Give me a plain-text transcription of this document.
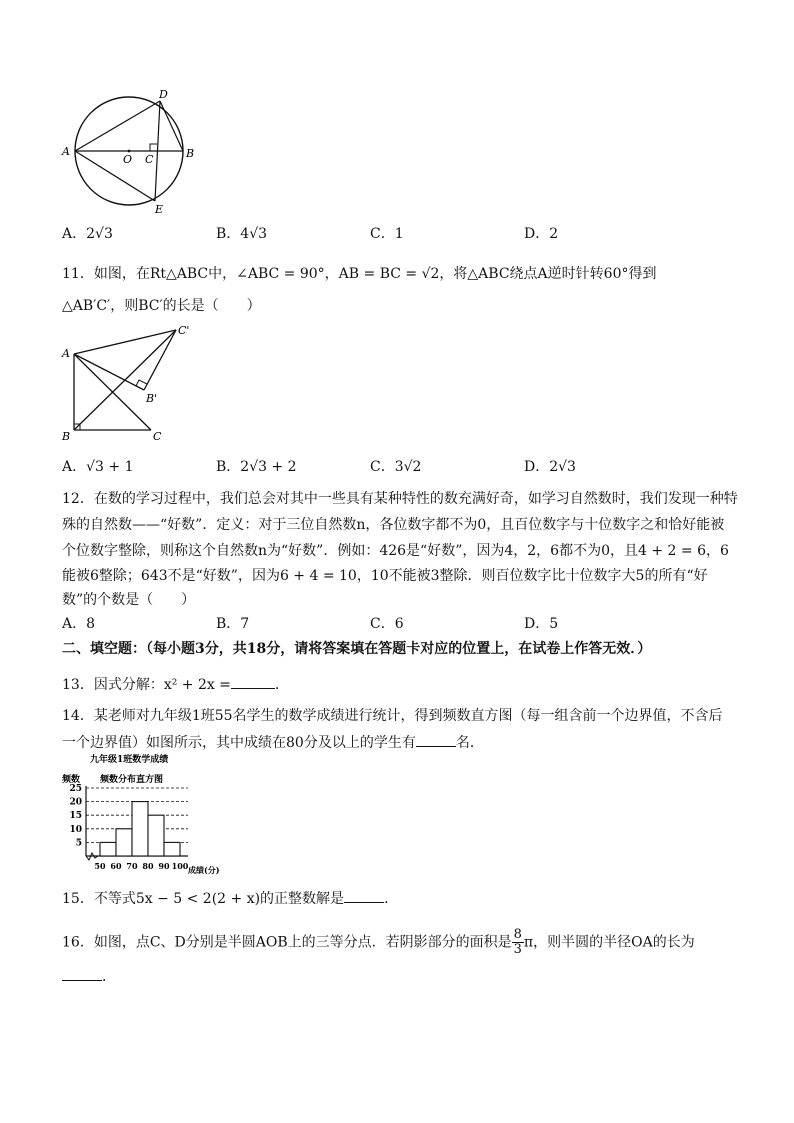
A
O C	B
D
E
A．2√3	B．4√3	C．1	D．2
11．如图，在Rt△ABC中，∠ABC = 90°，AB = BC = √2，将△ABC绕点A逆时针转60°得到
△AB′C′，则BC′的长是（　　）
A
B	C
B'
C'
A．√3 + 1	B．2√3 + 2	C．3√2	D．2√3
12．在数的学习过程中，我们总会对其中一些具有某种特性的数充满好奇，如学习自然数时，我们发现一种特
殊的自然数——“好数”．定义：对于三位自然数n，各位数字都不为0，且百位数字与十位数字之和恰好能被
个位数字整除，则称这个自然数n为“好数”．例如：426是“好数”，因为4，2，6都不为0，且4 + 2 = 6，6
能被6整除；643不是“好数”，因为6 + 4 = 10，10不能被3整除．则百位数字比十位数字大5的所有“好
数”的个数是（　　）
A．8	B．7	C．6	D．5
二、填空题：（每小题3分，共18分，请将答案填在答题卡对应的位置上，在试卷上作答无效．）
13．因式分解：x² + 2x =	．
14．某老师对九年级1班55名学生的数学成绩进行统计，得到频数直方图（每一组含前一个边界值，不含后
一个边界值）如图所示，其中成绩在80分及以上的学生有	名．
九年级1班数学成绩
频数 频数分布直方图
成绩(分)
5
10
15
20
25
50 60 70 80 90 100
15．不等式5x − 5 < 2(2 + x)的正整数解是	．
16．如图，点C、D分别是半圆AOB上的三等分点．若阴影部分的面积是 $\frac{8}{3}$ π，则半圆的半径OA的长为
．
